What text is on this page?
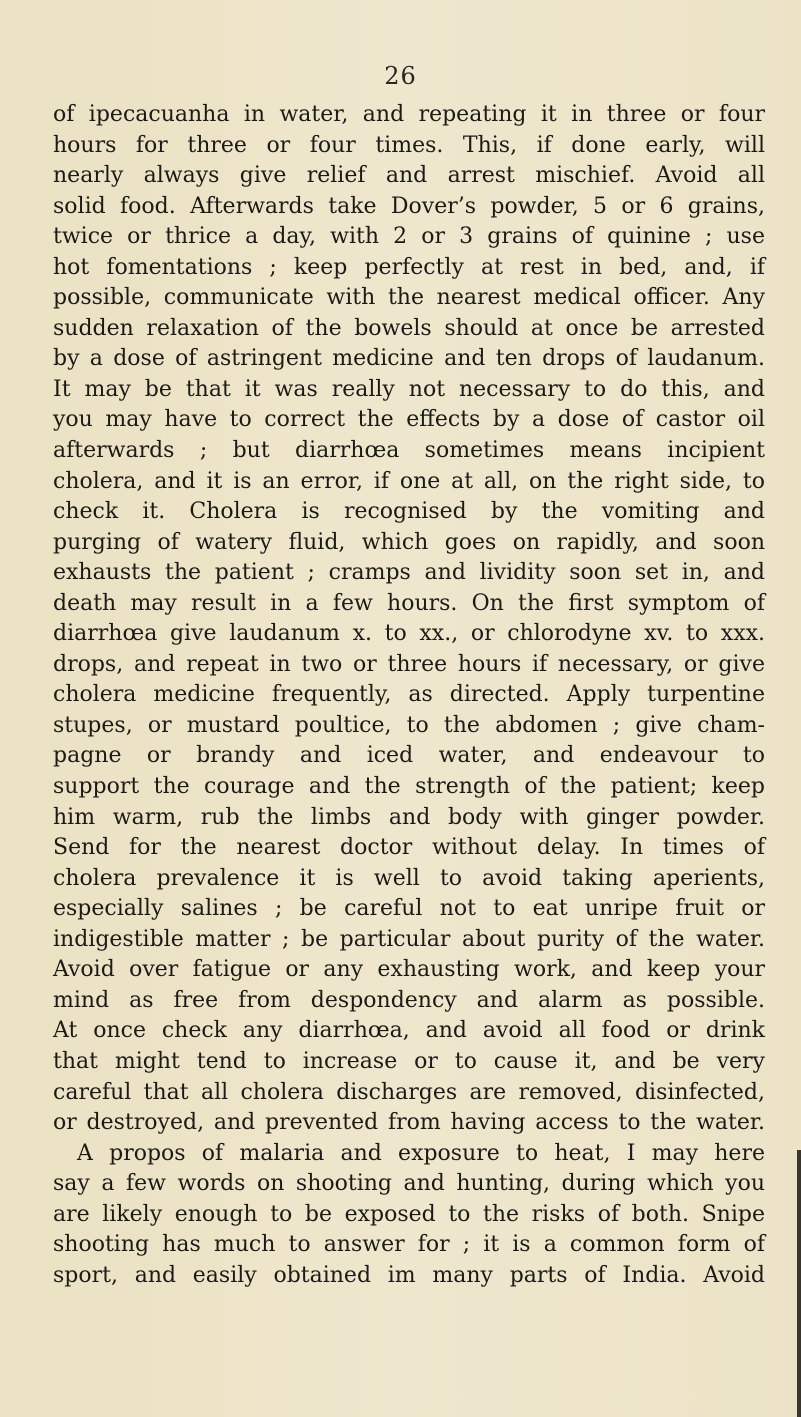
26
of ipecacuanha in water, and repeating it in three or four
hours for three or four times. This, if done early, will
nearly always give relief and arrest mischief. Avoid all
solid food. Afterwards take Dover’s powder, 5 or 6 grains,
twice or thrice a day, with 2 or 3 grains of quinine ; use
hot fomentations ; keep perfectly at rest in bed, and, if
possible, communicate with the nearest medical officer. Any
sudden relaxation of the bowels should at once be arrested
by a dose of astringent medicine and ten drops of laudanum.
It may be that it was really not necessary to do this, and
you may have to correct the effects by a dose of castor oil
afterwards ; but diarrhœa sometimes means incipient
cholera, and it is an error, if one at all, on the right side, to
check it. Cholera is recognised by the vomiting and
purging of watery fluid, which goes on rapidly, and soon
exhausts the patient ; cramps and lividity soon set in, and
death may result in a few hours. On the first symptom of
diarrhœa give laudanum x. to xx., or chlorodyne xv. to xxx.
drops, and repeat in two or three hours if necessary, or give
cholera medicine frequently, as directed. Apply turpentine
stupes, or mustard poultice, to the abdomen ; give cham-
pagne or brandy and iced water, and endeavour to
support the courage and the strength of the patient; keep
him warm, rub the limbs and body with ginger powder.
Send for the nearest doctor without delay. In times of
cholera prevalence it is well to avoid taking aperients,
especially salines ; be careful not to eat unripe fruit or
indigestible matter ; be particular about purity of the water.
Avoid over fatigue or any exhausting work, and keep your
mind as free from despondency and alarm as possible.
At once check any diarrhœa, and avoid all food or drink
that might tend to increase or to cause it, and be very
careful that all cholera discharges are removed, disinfected,
or destroyed, and prevented from having access to the water.
A propos of malaria and exposure to heat, I may here
say a few words on shooting and hunting, during which you
are likely enough to be exposed to the risks of both. Snipe
shooting has much to answer for ; it is a common form of
sport, and easily obtained im many parts of India. Avoid
